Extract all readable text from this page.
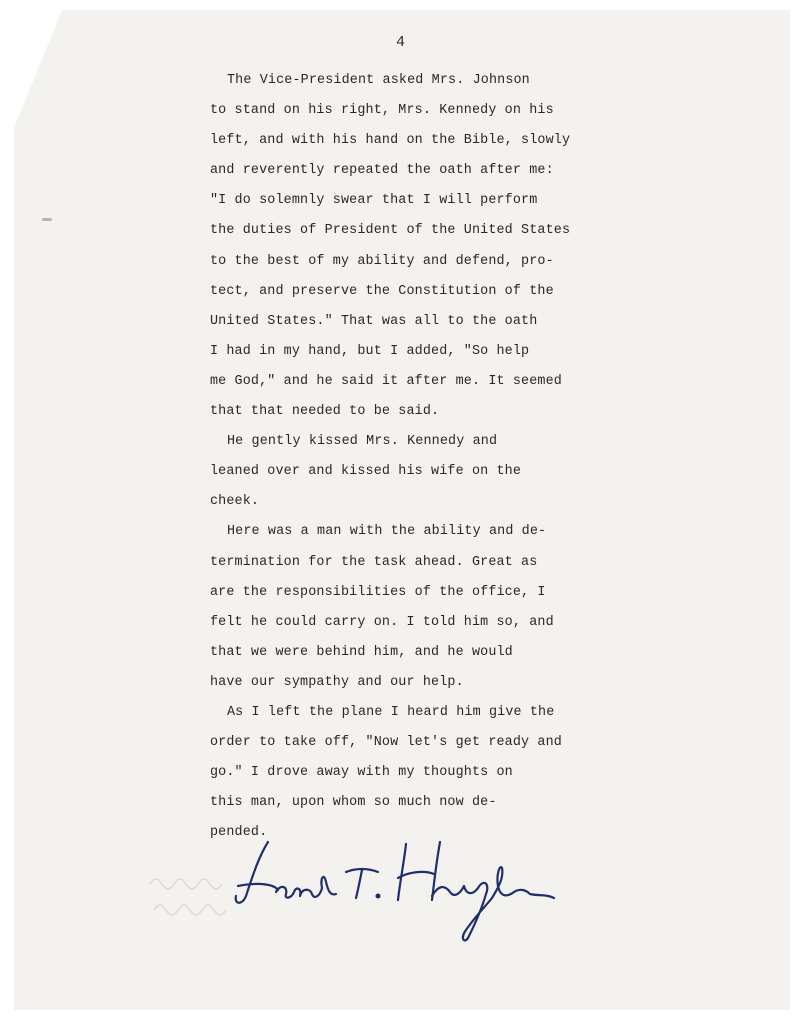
4
The Vice-President asked Mrs. Johnson
to stand on his right, Mrs. Kennedy on his
left, and with his hand on the Bible, slowly
and reverently repeated the oath after me:
"I do solemnly swear that I will perform
the duties of President of the United States
to the best of my ability and defend, pro-
tect, and preserve the Constitution of the
United States." That was all to the oath
I had in my hand, but I added, "So help
me God," and he said it after me. It seemed
that that needed to be said.
He gently kissed Mrs. Kennedy and
leaned over and kissed his wife on the
cheek.
Here was a man with the ability and de-
termination for the task ahead. Great as
are the responsibilities of the office, I
felt he could carry on. I told him so, and
that we were behind him, and he would
have our sympathy and our help.
As I left the plane I heard him give the
order to take off, "Now let's get ready and
go." I drove away with my thoughts on
this man, upon whom so much now de-
pended.
